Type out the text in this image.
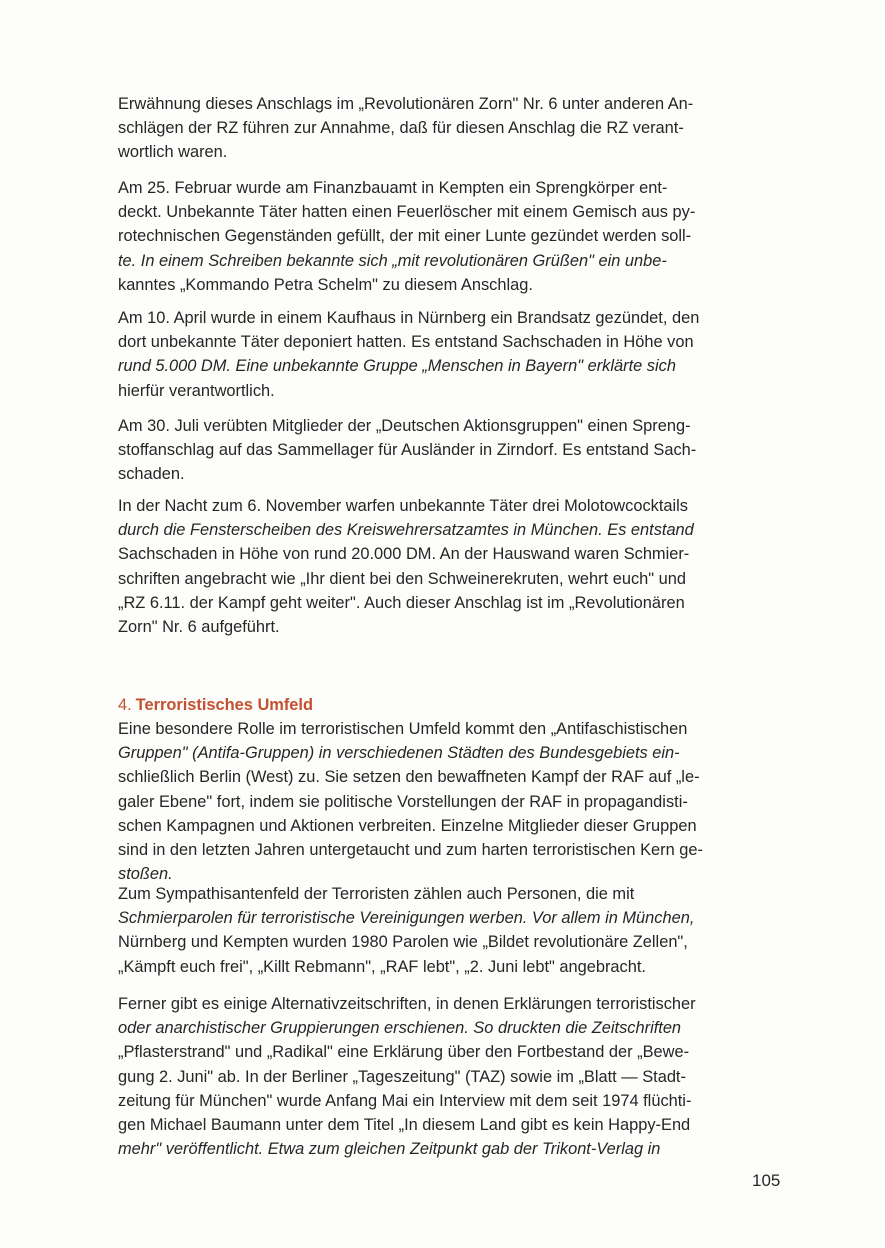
Erwähnung dieses Anschlags im „Revolutionären Zorn" Nr. 6 unter anderen An-

schlägen der RZ führen zur Annahme, daß für diesen Anschlag die RZ verant-

wortlich waren.

Am 25. Februar wurde am Finanzbauamt in Kempten ein Sprengkörper ent-

deckt. Unbekannte Täter hatten einen Feuerlöscher mit einem Gemisch aus py-

rotechnischen Gegenständen gefüllt, der mit einer Lunte gezündet werden soll-

te. In einem Schreiben bekannte sich „mit revolutionären Grüßen" ein unbe-

kanntes „Kommando Petra Schelm" zu diesem Anschlag.

Am 10. April wurde in einem Kaufhaus in Nürnberg ein Brandsatz gezündet, den

dort unbekannte Täter deponiert hatten. Es entstand Sachschaden in Höhe von

rund 5.000 DM. Eine unbekannte Gruppe „Menschen in Bayern" erklärte sich

hierfür verantwortlich.

Am 30. Juli verübten Mitglieder der „Deutschen Aktionsgruppen" einen Spreng-

stoffanschlag auf das Sammellager für Ausländer in Zirndorf. Es entstand Sach-

schaden.

In der Nacht zum 6. November warfen unbekannte Täter drei Molotowcocktails

durch die Fensterscheiben des Kreiswehrersatzamtes in München. Es entstand

Sachschaden in Höhe von rund 20.000 DM. An der Hauswand waren Schmier-

schriften angebracht wie „Ihr dient bei den Schweinerekruten, wehrt euch" und

„RZ 6.11. der Kampf geht weiter". Auch dieser Anschlag ist im „Revolutionären

Zorn" Nr. 6 aufgeführt.

4. Terroristisches Umfeld

Eine besondere Rolle im terroristischen Umfeld kommt den „Antifaschistischen

Gruppen" (Antifa-Gruppen) in verschiedenen Städten des Bundesgebiets ein-

schließlich Berlin (West) zu. Sie setzen den bewaffneten Kampf der RAF auf „le-

galer Ebene" fort, indem sie politische Vorstellungen der RAF in propagandisti-

schen Kampagnen und Aktionen verbreiten. Einzelne Mitglieder dieser Gruppen

sind in den letzten Jahren untergetaucht und zum harten terroristischen Kern ge-

stoßen.

Zum Sympathisantenfeld der Terroristen zählen auch Personen, die mit

Schmierparolen für terroristische Vereinigungen werben. Vor allem in München,

Nürnberg und Kempten wurden 1980 Parolen wie „Bildet revolutionäre Zellen",

„Kämpft euch frei", „Killt Rebmann", „RAF lebt", „2. Juni lebt" angebracht.

Ferner gibt es einige Alternativzeitschriften, in denen Erklärungen terroristischer

oder anarchistischer Gruppierungen erschienen. So druckten die Zeitschriften

„Pflasterstrand" und „Radikal" eine Erklärung über den Fortbestand der „Bewe-

gung 2. Juni" ab. In der Berliner „Tageszeitung" (TAZ) sowie im „Blatt — Stadt-

zeitung für München" wurde Anfang Mai ein Interview mit dem seit 1974 flüchti-

gen Michael Baumann unter dem Titel „In diesem Land gibt es kein Happy-End

mehr" veröffentlicht. Etwa zum gleichen Zeitpunkt gab der Trikont-Verlag in

105
